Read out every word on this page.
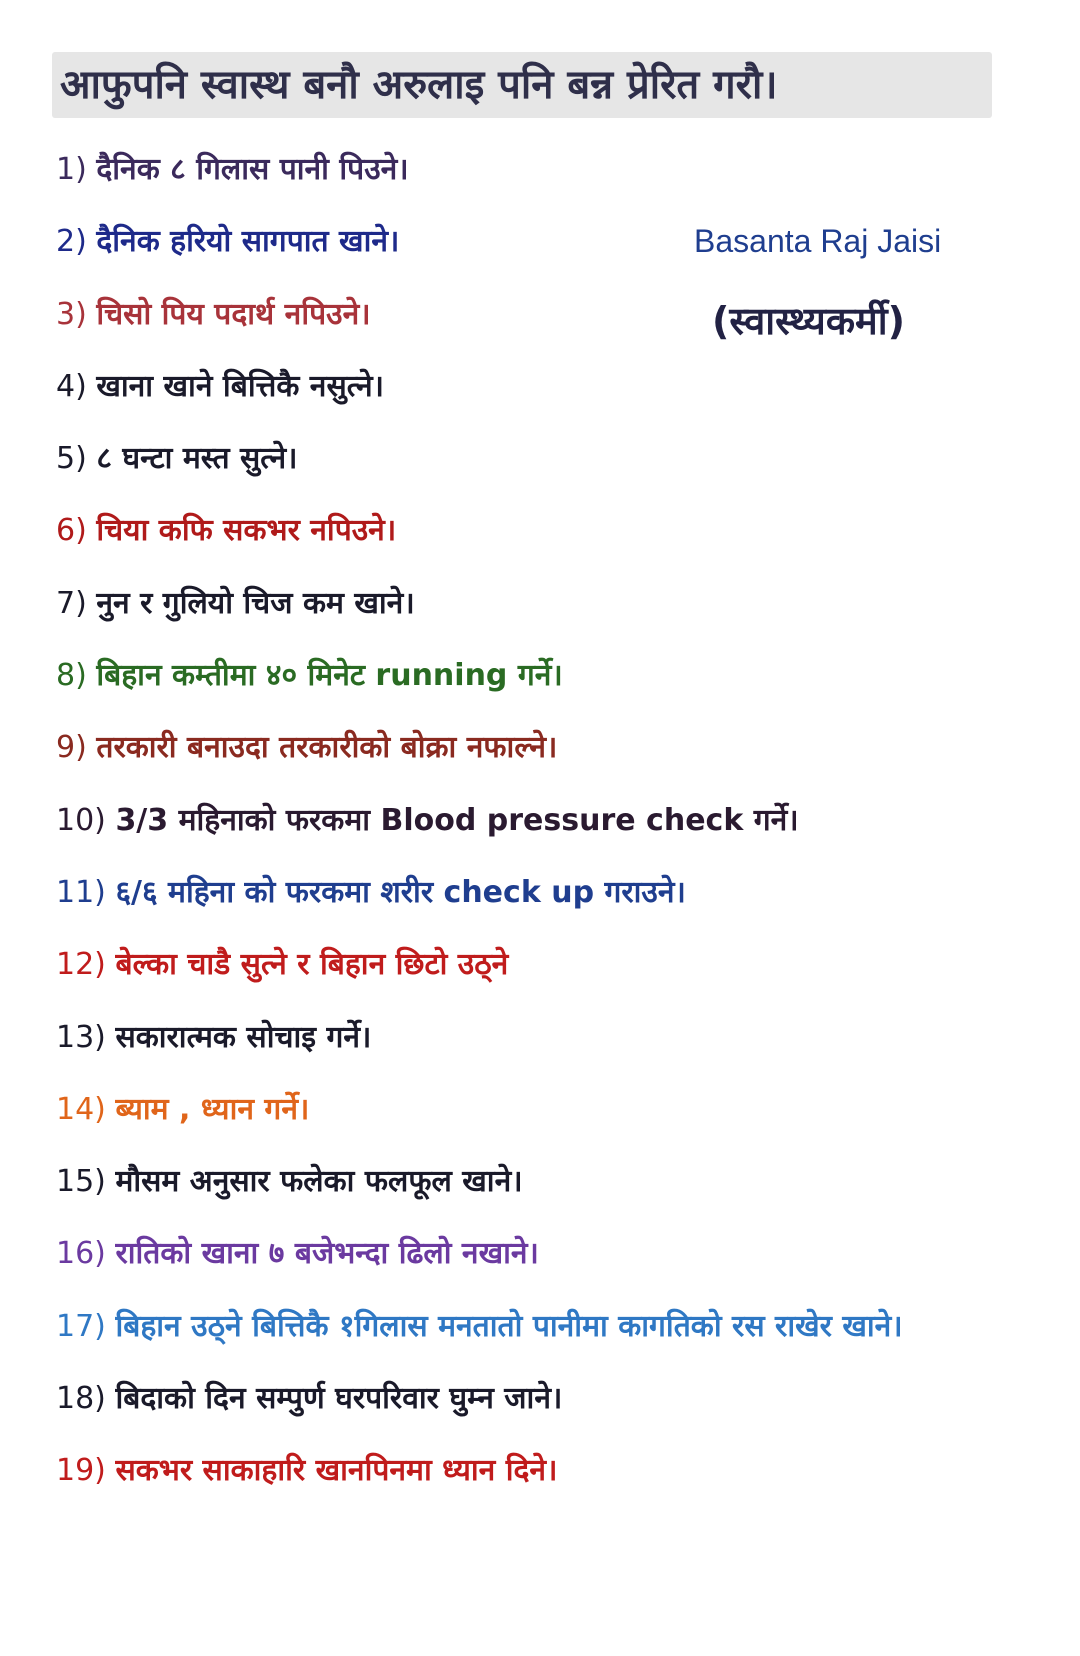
आफुपनि स्वास्थ बनौ अरुलाइ पनि बन्न प्रेरित गरौ।
1) दैनिक ८ गिलास पानी पिउने।
2) दैनिक हरियो सागपात खाने।
3) चिसो पिय पदार्थ नपिउने।
4) खाना खाने बित्तिकै नसुत्ने।
5) ८ घन्टा मस्त सुत्ने।
6) चिया कफि सकभर नपिउने।
7) नुन र गुलियो चिज कम खाने।
8) बिहान कम्तीमा ४० मिनेट running गर्ने।
9) तरकारी बनाउदा तरकारीको बोक्रा नफाल्ने।
10) 3/3 महिनाको फरकमा Blood pressure check गर्ने।
11) ६/६ महिना को फरकमा शरीर check up गराउने।
12) बेल्का चाडै सुत्ने र बिहान छिटो उठ्ने
13) सकारात्मक सोचाइ गर्ने।
14) ब्याम , ध्यान गर्ने।
15) मौसम अनुसार फलेका फलफूल खाने।
16) रातिको खाना ७ बजेभन्दा ढिलो नखाने।
17) बिहान उठ्ने बित्तिकै १गिलास मनतातो पानीमा कागतिको रस राखेर खाने।
18) बिदाको दिन सम्पुर्ण घरपरिवार घुम्न जाने।
19) सकभर साकाहारि खानपिनमा ध्यान दिने।
Basanta Raj Jaisi
(स्वास्थ्यकर्मी)
